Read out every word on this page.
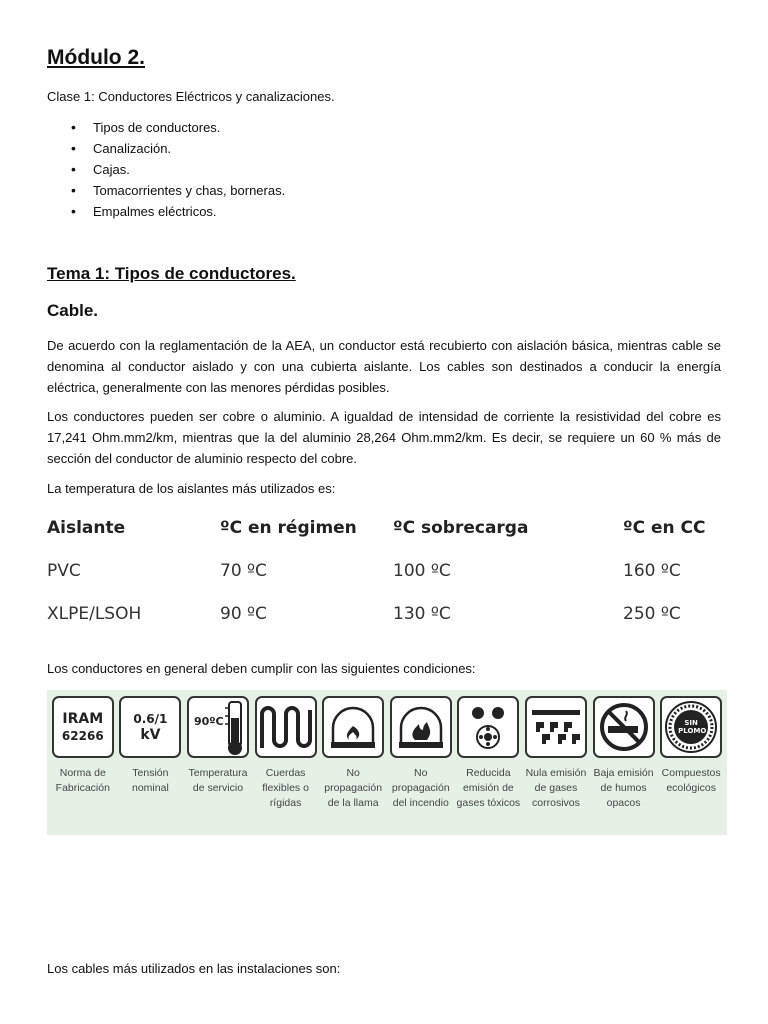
Módulo 2.
Clase 1: Conductores Eléctricos y canalizaciones.
• Tipos de conductores.
• Canalización.
• Cajas.
• Tomacorrientes y chas, borneras.
• Empalmes eléctricos.
Tema 1: Tipos de conductores.
Cable.
De acuerdo con la reglamentación de la AEA, un conductor está recubierto con aislación básica, mientras cable se denomina al conductor aislado y con una cubierta aislante. Los cables son destinados a conducir la energía eléctrica, generalmente con las menores pérdidas posibles.
Los conductores pueden ser cobre o aluminio. A igualdad de intensidad de corriente la resistividad del cobre es 17,241 Ohm.mm2/km, mientras que la del aluminio 28,264 Ohm.mm2/km. Es decir, se requiere un 60 % más de sección del conductor de aluminio respecto del cobre.
La temperatura de los aislantes más utilizados es:
Aislante	ºC en régimen	ºC sobrecarga	ºC en CC
PVC	70 ºC	100 ºC	160 ºC
XLPE/LSOH	90 ºC	130 ºC	250 ºC
Los conductores en general deben cumplir con las siguientes condiciones:
IRAM
62266
Norma de Fabricación
0.6/1
kV
Tensión nominal
90ºC
Temperatura de servicio
Cuerdas flexibles o rígidas
No propagación de la llama
No propagación del incendio
Reducida emisión de gases tóxicos
Nula emisión de gases corrosivos
Baja emisión de humos opacos
SIN PLOMO
Compuestos ecológicos
Los cables más utilizados en las instalaciones son:
